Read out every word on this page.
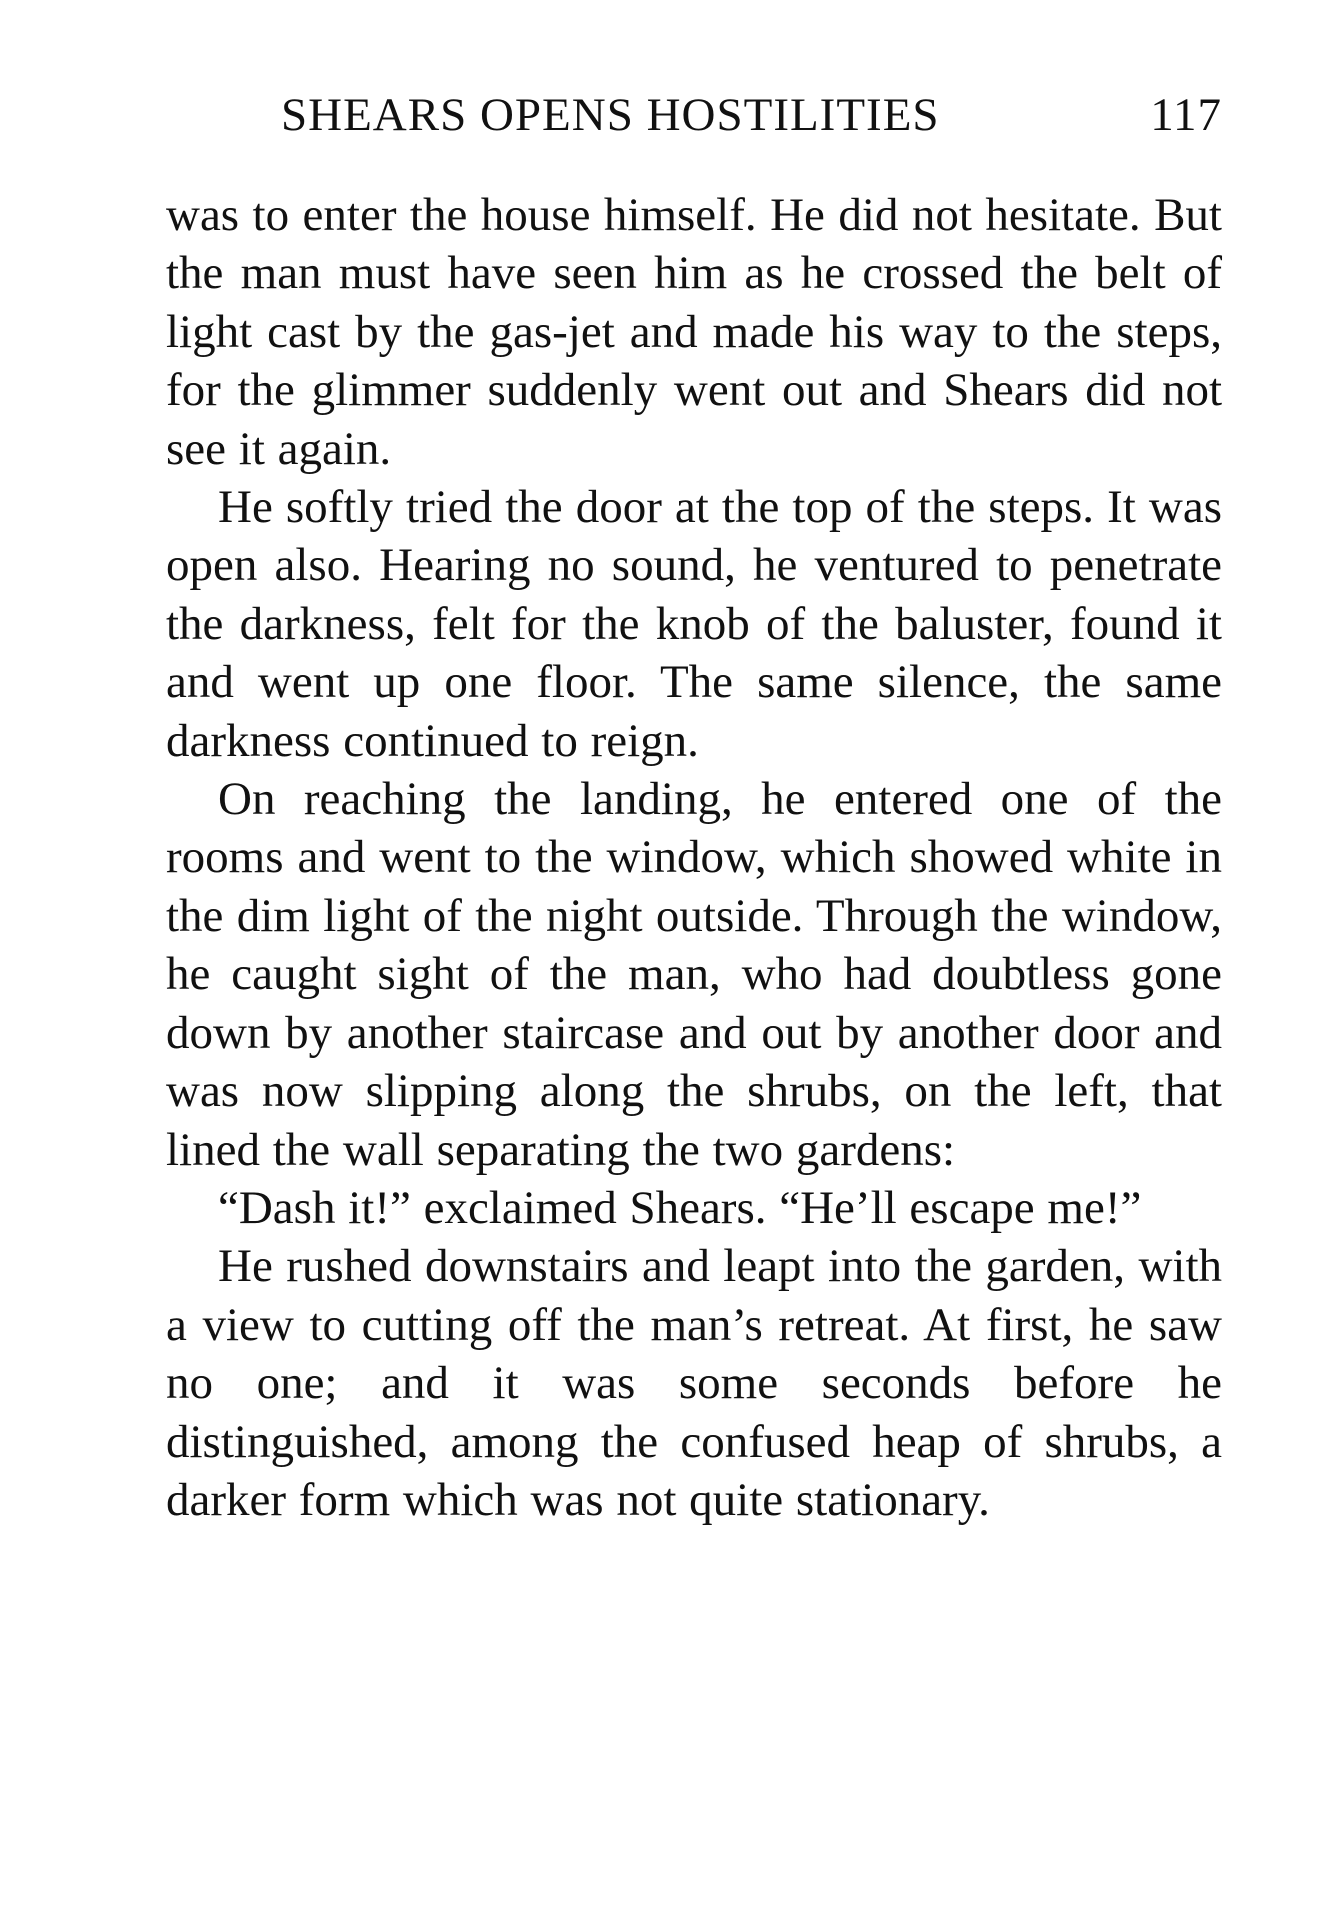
SHEARS OPENS HOSTILITIES	117

was to enter the house himself. He did not hesitate. But the man must have seen him as he crossed the belt of light cast by the gas-jet and made his way to the steps, for the glimmer suddenly went out and Shears did not see it again.

He softly tried the door at the top of the steps. It was open also. Hearing no sound, he ventured to penetrate the darkness, felt for the knob of the baluster, found it and went up one floor. The same silence, the same darkness continued to reign.

On reaching the landing, he entered one of the rooms and went to the window, which showed white in the dim light of the night outside. Through the window, he caught sight of the man, who had doubtless gone down by another staircase and out by another door and was now slipping along the shrubs, on the left, that lined the wall separating the two gardens:

“Dash it!” exclaimed Shears. “He’ll escape me!”

He rushed downstairs and leapt into the garden, with a view to cutting off the man’s retreat. At first, he saw no one; and it was some seconds before he distinguished, among the confused heap of shrubs, a darker form which was not quite stationary.
